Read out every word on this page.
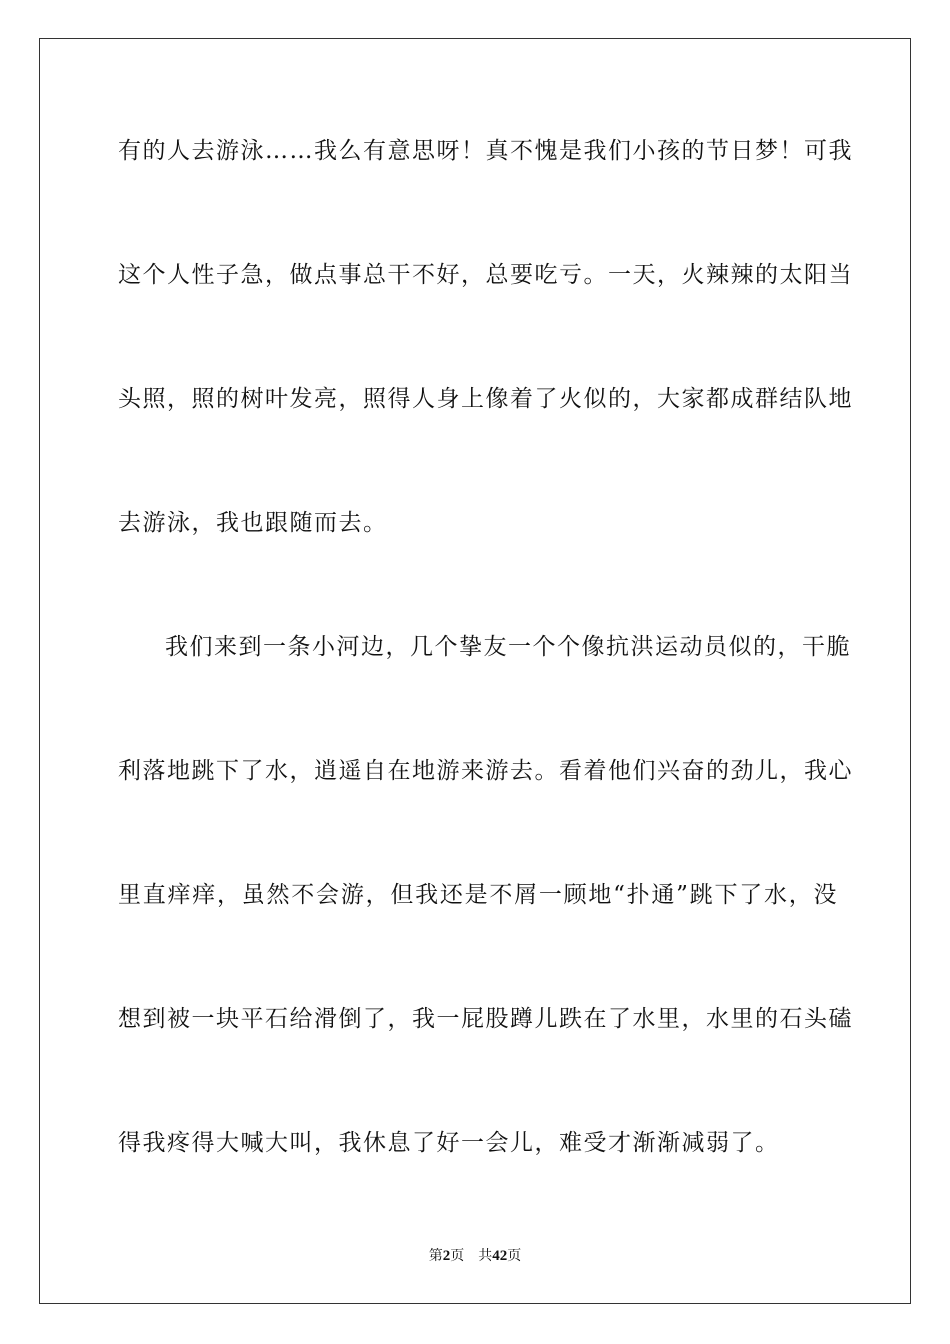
有的人去游泳……我么有意思呀！真不愧是我们小孩的节日梦！可我
这个人性子急，做点事总干不好，总要吃亏。一天，火辣辣的太阳当
头照，照的树叶发亮，照得人身上像着了火似的，大家都成群结队地
去游泳，我也跟随而去。
我们来到一条小河边，几个挚友一个个像抗洪运动员似的，干脆
利落地跳下了水，逍遥自在地游来游去。看着他们兴奋的劲儿，我心
里直痒痒，虽然不会游，但我还是不屑一顾地“扑通”跳下了水，没
想到被一块平石给滑倒了，我一屁股蹲儿跌在了水里，水里的石头磕
得我疼得大喊大叫，我休息了好一会儿，难受才渐渐减弱了。
第2页 共42页
